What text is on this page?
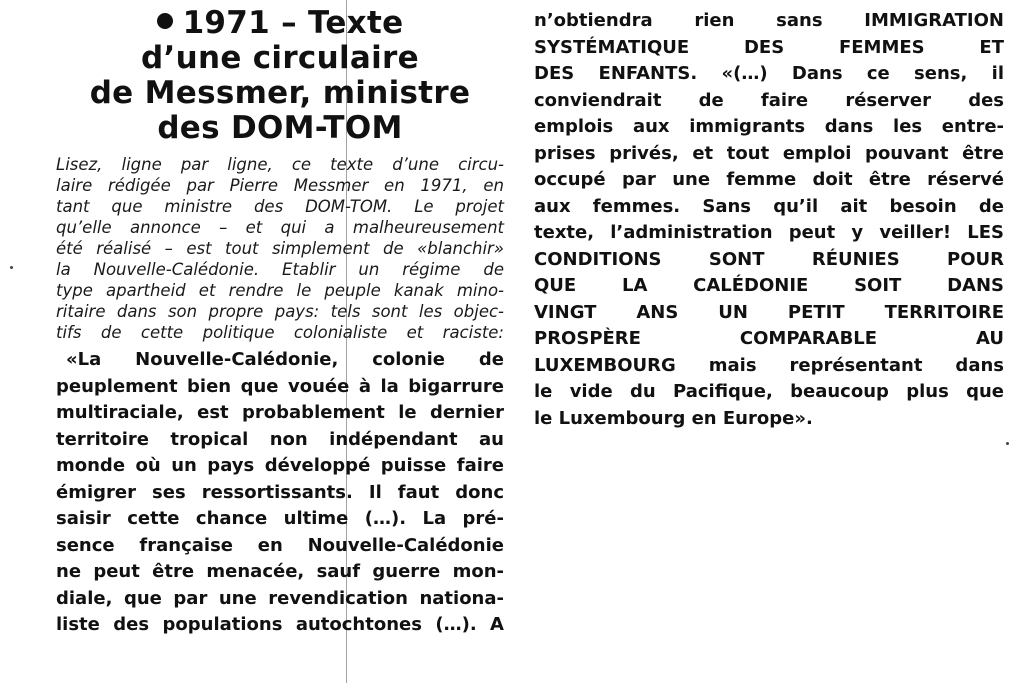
1971 – Texte
d’une circulaire
de Messmer, ministre
des DOM-TOM

Lisez, ligne par ligne, ce texte d’une circu-
laire rédigée par Pierre Messmer en 1971, en
tant que ministre des DOM-TOM. Le projet
qu’elle annonce – et qui a malheureusement
été réalisé – est tout simplement de «blanchir»
la Nouvelle-Calédonie. Etablir un régime de
type apartheid et rendre le peuple kanak mino-
ritaire dans son propre pays: tels sont les objec-
tifs de cette politique colonialiste et raciste:

«La Nouvelle-Calédonie, colonie de
peuplement bien que vouée à la bigarrure
multiraciale, est probablement le dernier
territoire tropical non indépendant au
monde où un pays développé puisse faire
émigrer ses ressortissants. Il faut donc
saisir cette chance ultime (…). La pré-
sence française en Nouvelle-Calédonie
ne peut être menacée, sauf guerre mon-
diale, que par une revendication nationa-
liste des populations autochtones (…). A

n’obtiendra rien sans IMMIGRATION
SYSTÉMATIQUE DES FEMMES ET
DES ENFANTS. «(…) Dans ce sens, il
conviendrait de faire réserver des
emplois aux immigrants dans les entre-
prises privés, et tout emploi pouvant être
occupé par une femme doit être réservé
aux femmes. Sans qu’il ait besoin de
texte, l’administration peut y veiller! LES
CONDITIONS SONT RÉUNIES POUR
QUE LA CALÉDONIE SOIT DANS
VINGT ANS UN PETIT TERRITOIRE
PROSPÈRE COMPARABLE AU
LUXEMBOURG mais représentant dans
le vide du Pacifique, beaucoup plus que
le Luxembourg en Europe».
